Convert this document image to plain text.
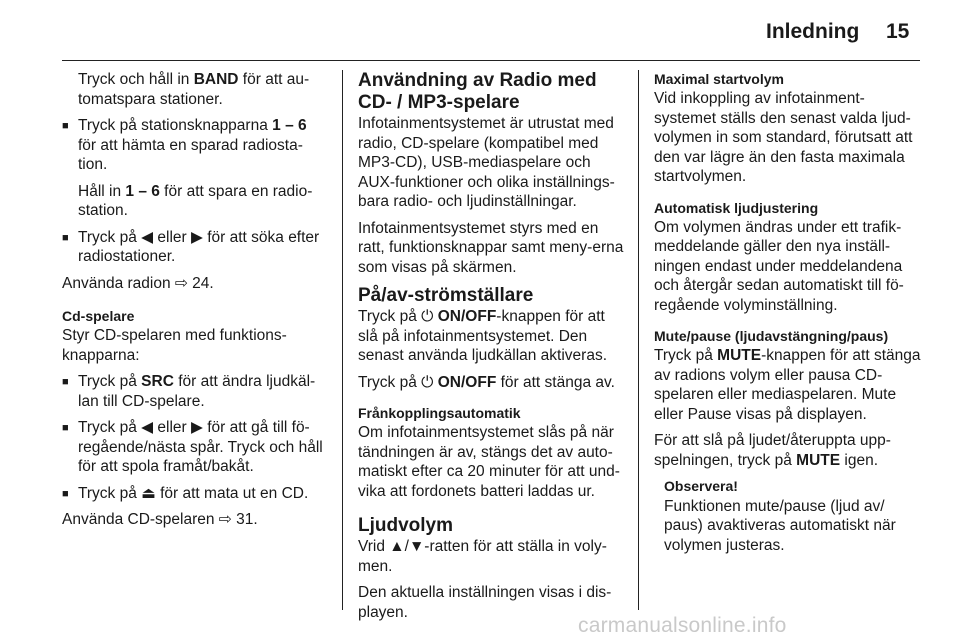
Inledning 15

Tryck och håll in BAND för att au-tomatspara stationer.

■ Tryck på stationsknapparna 1 – 6 för att hämta en sparad radiosta-tion.

Håll in 1 – 6 för att spara en radio-station.

■ Tryck på ◀ eller ▶ för att söka efter radiostationer.

Använda radion ⇨ 24.

Cd-spelare

Styr CD-spelaren med funktions-knapparna:

■ Tryck på SRC för att ändra ljudkäl-lan till CD-spelare.
■ Tryck på ◀ eller ▶ för att gå till fö-regående/nästa spår. Tryck och håll för att spola framåt/bakåt.
■ Tryck på ⏏ för att mata ut en CD.

Använda CD-spelaren ⇨ 31.

Användning av Radio med CD- / MP3-spelare

Infotainmentsystemet är utrustat med radio, CD-spelare (kompatibel med MP3-CD), USB-mediaspelare och AUX-funktioner och olika inställnings-bara radio- och ljudinställningar.

Infotainmentsystemet styrs med en ratt, funktionsknappar samt meny-erna som visas på skärmen.

På/av-strömställare

Tryck på ⏻ ON/OFF-knappen för att slå på infotainmentsystemet. Den senast använda ljudkällan aktiveras.

Tryck på ⏻ ON/OFF för att stänga av.

Frånkopplingsautomatik

Om infotainmentsystemet slås på när tändningen är av, stängs det av auto-matiskt efter ca 20 minuter för att und-vika att fordonets batteri laddas ur.

Ljudvolym

Vrid ▲/▼-ratten för att ställa in voly-men.

Den aktuella inställningen visas i dis-playen.

Maximal startvolym

Vid inkoppling av infotainment-systemet ställs den senast valda ljud-volymen in som standard, förutsatt att den var lägre än den fasta maximala startvolymen.

Automatisk ljudjustering

Om volymen ändras under ett trafik-meddelande gäller den nya inställ-ningen endast under meddelandena och återgår sedan automatiskt till fö-regående volyminställning.

Mute/pause (ljudavstängning/paus)

Tryck på MUTE-knappen för att stänga av radions volym eller pausa CD-spelaren eller mediaspelaren. Mute eller Pause visas på displayen.

För att slå på ljudet/återuppta upp-spelningen, tryck på MUTE igen.

Observera!

Funktionen mute/pause (ljud av/ paus) avaktiveras automatiskt när volymen justeras.

carmanualsonline.info
